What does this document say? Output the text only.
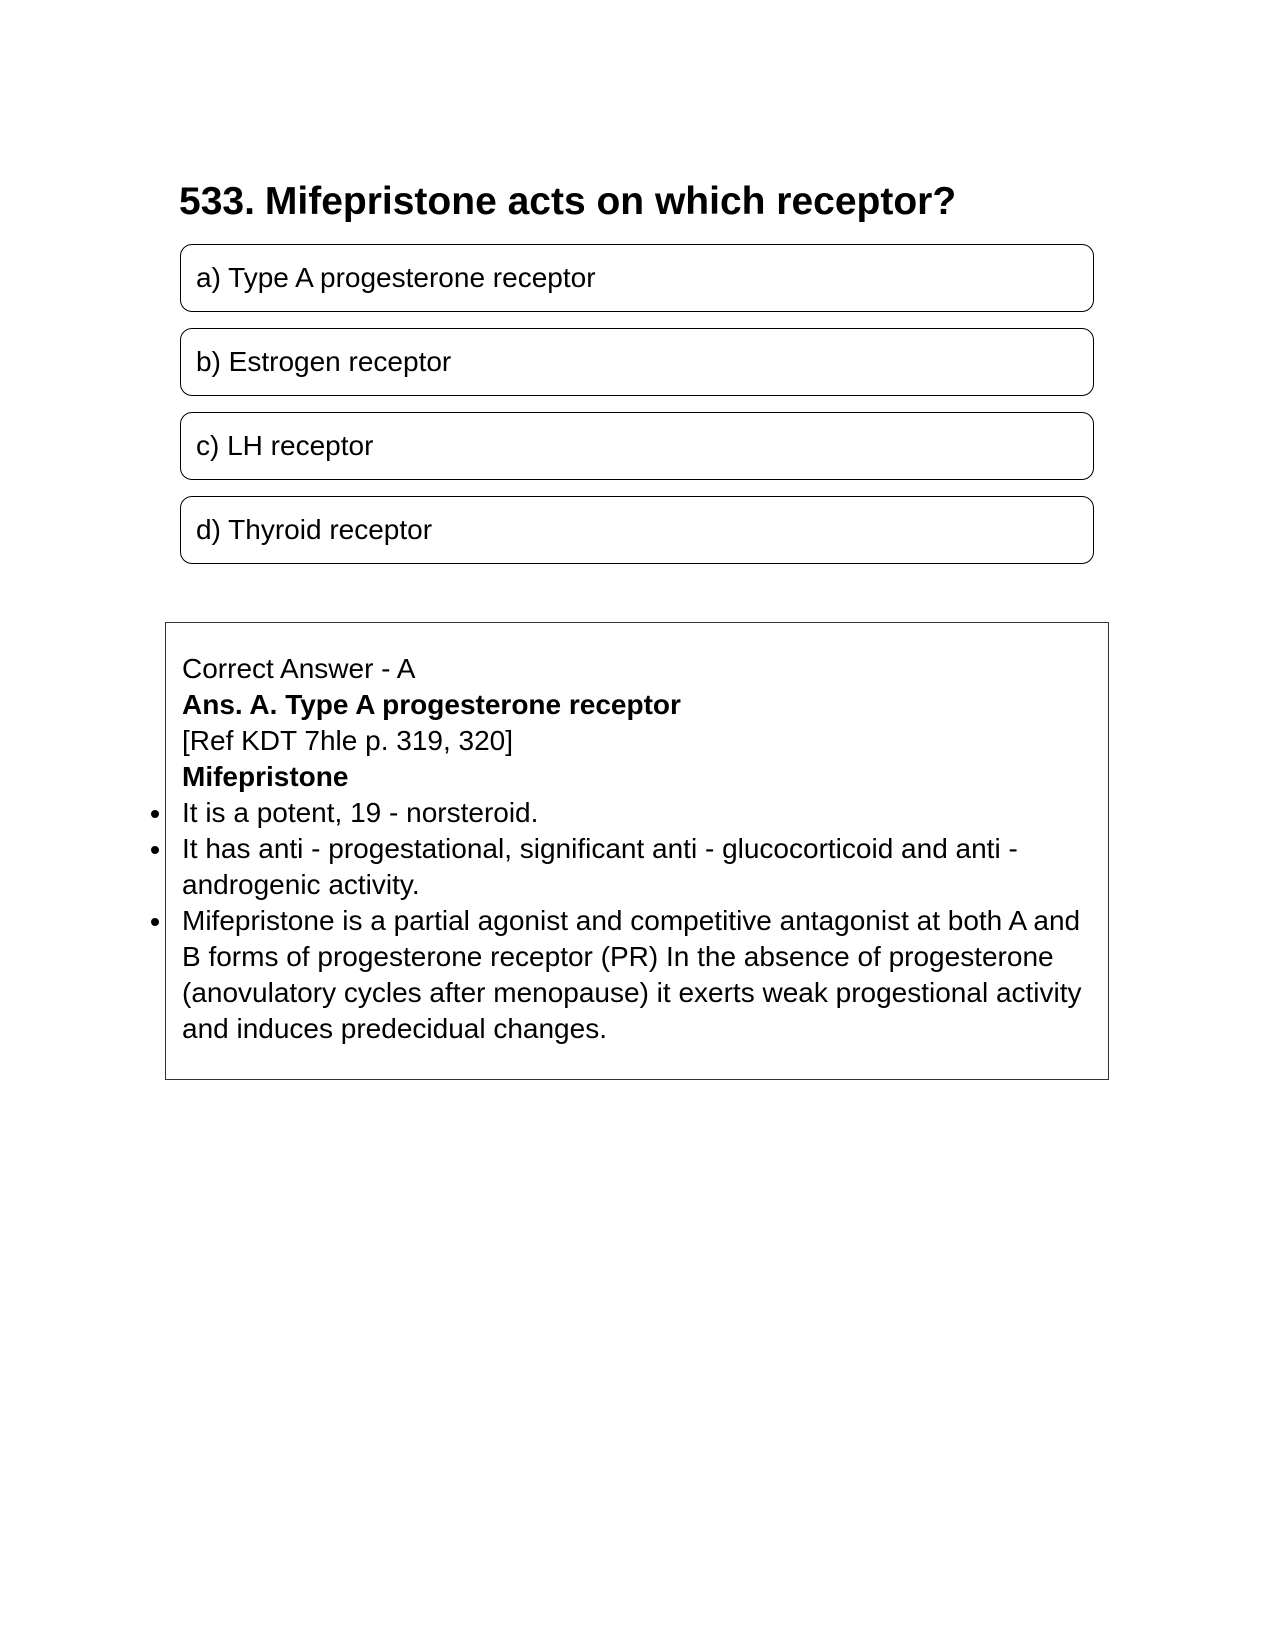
533. Mifepristone acts on which receptor?
a) Type A progesterone receptor
b) Estrogen receptor
c) LH receptor
d) Thyroid receptor
Correct Answer - A
Ans. A. Type A progesterone receptor
[Ref KDT 7hle p. 319, 320]
Mifepristone
It is a potent, 19 - norsteroid.
It has anti - progestational, significant anti - glucocorticoid and anti - androgenic activity.
Mifepristone is a partial agonist and competitive antagonist at both A and B forms of progesterone receptor (PR) In the absence of progesterone (anovulatory cycles after menopause) it exerts weak progestional activity and induces predecidual changes.
